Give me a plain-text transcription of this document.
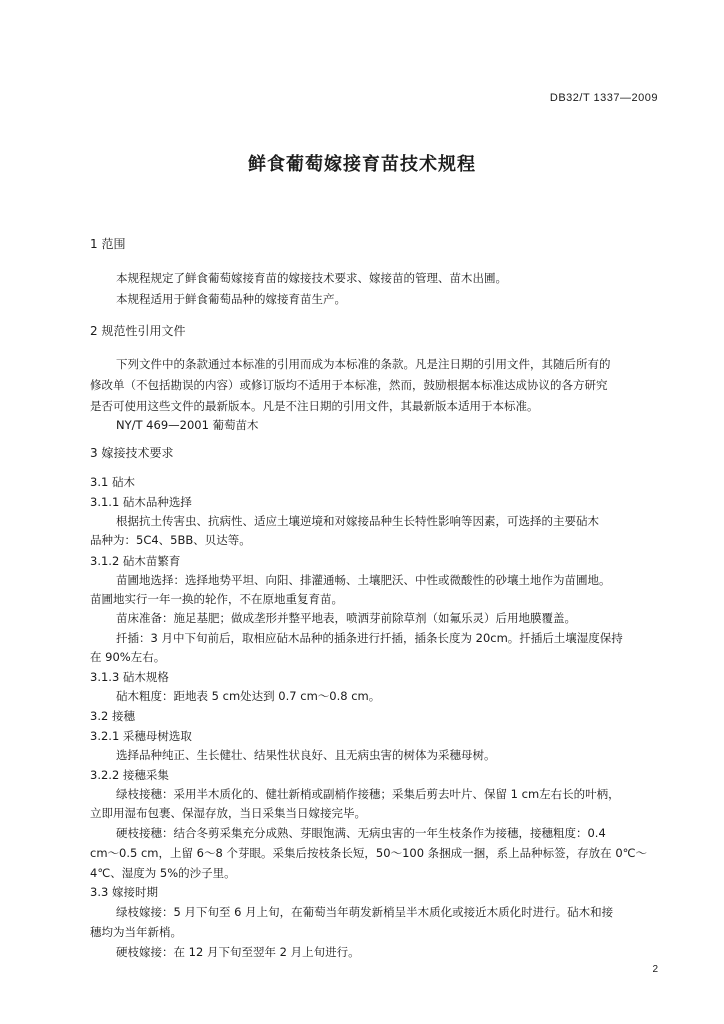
DB32/T 1337—2009
鲜食葡萄嫁接育苗技术规程
1 范围
本规程规定了鲜食葡萄嫁接育苗的嫁接技术要求、嫁接苗的管理、苗木出圃。
本规程适用于鲜食葡萄品种的嫁接育苗生产。
2 规范性引用文件
下列文件中的条款通过本标准的引用而成为本标准的条款。凡是注日期的引用文件，其随后所有的
修改单（不包括勘误的内容）或修订版均不适用于本标准，然而，鼓励根据本标准达成协议的各方研究
是否可使用这些文件的最新版本。凡是不注日期的引用文件，其最新版本适用于本标准。
NY/T 469—2001 葡萄苗木
3 嫁接技术要求
3.1 砧木
3.1.1 砧木品种选择
根据抗土传害虫、抗病性、适应土壤逆境和对嫁接品种生长特性影响等因素，可选择的主要砧木
品种为：5C4、5BB、贝达等。
3.1.2 砧木苗繁育
苗圃地选择：选择地势平坦、向阳、排灌通畅、土壤肥沃、中性或微酸性的砂壤土地作为苗圃地。
苗圃地实行一年一换的轮作，不在原地重复育苗。
苗床准备：施足基肥；做成垄形并整平地表，喷洒芽前除草剂（如氟乐灵）后用地膜覆盖。
扦插：3 月中下旬前后，取相应砧木品种的插条进行扦插，插条长度为 20cm。扦插后土壤湿度保持
在 90%左右。
3.1.3 砧木规格
砧木粗度：距地表 5 cm处达到 0.7 cm～0.8 cm。
3.2 接穗
3.2.1 采穗母树选取
选择品种纯正、生长健壮、结果性状良好、且无病虫害的树体为采穗母树。
3.2.2 接穗采集
绿枝接穗：采用半木质化的、健壮新梢或副梢作接穗；采集后剪去叶片、保留 1 cm左右长的叶柄，
立即用湿布包裹、保湿存放，当日采集当日嫁接完毕。
硬枝接穗：结合冬剪采集充分成熟、芽眼饱满、无病虫害的一年生枝条作为接穗，接穗粗度：0.4
cm～0.5 cm，上留 6～8 个芽眼。采集后按枝条长短，50～100 条捆成一捆，系上品种标签，存放在 0℃～
4℃、湿度为 5%的沙子里。
3.3 嫁接时期
绿枝嫁接：5 月下旬至 6 月上旬，在葡萄当年萌发新梢呈半木质化或接近木质化时进行。砧木和接
穗均为当年新梢。
硬枝嫁接：在 12 月下旬至翌年 2 月上旬进行。
2
